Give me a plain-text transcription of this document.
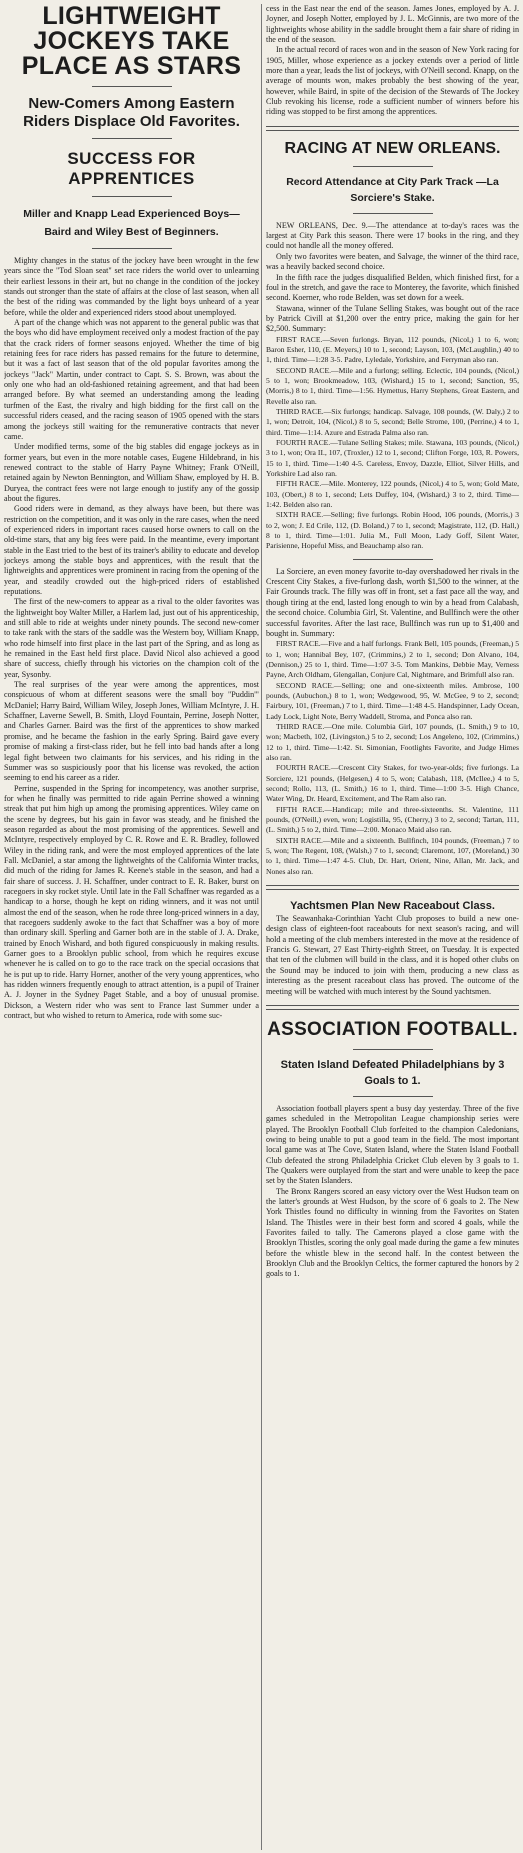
LIGHTWEIGHT JOCKEYS TAKE PLACE AS STARS
New-Comers Among Eastern Riders Displace Old Favorites.
SUCCESS FOR APPRENTICES
Miller and Knapp Lead Experienced Boys—Baird and Wiley Best of Beginners.

Mighty changes in the status of the jockey have been wrought in the few years since the "Tod Sloan seat" set race riders the world over to unlearning their earliest lessons in their art, but no change in the condition of the jockey stands out stronger than the state of affairs at the close of last season, when all the best of the riding was commanded by the light boys unheard of a year before, while the older and experienced riders stood about unemployed.

A part of the change which was not apparent to the general public was that the boys who did have employment received only a modest fraction of the pay that the crack riders of former seasons enjoyed. Whether the time of big retaining fees for race riders has passed remains for the future to determine, but it was a fact of last season that of the old popular favorites among the jockeys "Jack" Martin, under contract to Capt. S. S. Brown, was about the only one who had an old-fashioned retaining agreement, and that had been arranged before. By what seemed an understanding among the leading turfmen of the East, the rivalry and high bidding for the first call on the successful riders ceased, and the racing season of 1905 opened with the stars among the jockeys still waiting for the remunerative contracts that never came.

Under modified terms, some of the big stables did engage jockeys as in former years, but even in the more notable cases, Eugene Hildebrand, in his renewed contract to the stable of Harry Payne Whitney; Frank O'Neill, retained again by Newton Bennington, and William Shaw, employed by H. B. Duryea, the contract fees were not large enough to justify any of the gossip about the figures.

Good riders were in demand, as they always have been, but there was restriction on the competition, and it was only in the rare cases, when the need of experienced riders in important races caused horse owners to call on the old-time stars, that any big fees were paid. In the meantime, every important stable in the East tried to the best of its trainer's ability to educate and develop jockeys among the stable boys and apprentices, with the result that the lightweights and apprentices were prominent in racing from the opening of the year, and steadily crowded out the high-priced riders of established reputations.

The first of the new-comers to appear as a rival to the older favorites was the lightweight boy Walter Miller, a Harlem lad, just out of his apprenticeship, and still able to ride at weights under ninety pounds. The second new-comer to take rank with the stars of the saddle was the Western boy, William Knapp, who rode himself into first place in the last part of the Spring, and as long as he remained in the East held first place. David Nicol also achieved a good share of success, chiefly through his victories on the champion colt of the year, Sysonby.

The real surprises of the year were among the apprentices, most conspicuous of whom at different seasons were the small boy "Puddin'" McDaniel; Harry Baird, William Wiley, Joseph Jones, William McIntyre, J. H. Schaffner, Laverne Sewell, B. Smith, Lloyd Fountain, Perrine, Joseph Notter, and Charles Garner. Baird was the first of the apprentices to show marked promise, and he became the fashion in the early Spring. Baird gave every promise of making a first-class rider, but he fell into bad hands after a long legal fight between two claimants for his services, and his riding in the Summer was so suspiciously poor that his license was revoked, the action seeming to end his career as a rider.

Perrine, suspended in the Spring for incompetency, was another surprise, for when he finally was permitted to ride again Perrine showed a winning streak that put him high up among the promising apprentices. Wiley came on the scene by degrees, but his gain in favor was steady, and he finished the season regarded as about the most promising of the apprentices. Sewell and McIntyre, respectively employed by C. R. Rowe and E. R. Bradley, followed Wiley in the riding rank, and were the most employed apprentices of the late Fall. McDaniel, a star among the lightweights of the California Winter tracks, did much of the riding for James R. Keene's stable in the season, and had a fair share of success. J. H. Schaffner, under contract to E. R. Baker, burst on racegoers in sky rocket style. Until late in the Fall Schaffner was regarded as a handicap to a horse, though he kept on riding winners, and it was not until almost the end of the season, when he rode three long-priced winners in a day, that racegoers suddenly awoke to the fact that Schaffner was a boy of more than ordinary skill. Sperling and Garner both are in the stable of J. A. Drake, trained by Enoch Wishard, and both figured conspicuously in making results. Garner goes to a Brooklyn public school, from which he requires excuse whenever he is called on to go to the race track on the special occasions that he is put up to ride. Harry Horner, another of the very young apprentices, who has ridden winners frequently enough to attract attention, is a pupil of Trainer A. J. Joyner in the Sydney Paget Stable, and a boy of unusual promise. Dickson, a Western rider who was sent to France last Summer under a contract, but who wished to return to America, rode with some suc-

cess in the East near the end of the season. James Jones, employed by A. J. Joyner, and Joseph Notter, employed by J. L. McGinnis, are two more of the lightweights whose ability in the saddle brought them a fair share of riding in the end of the season.

In the actual record of races won and in the season of New York racing for 1905, Miller, whose experience as a jockey extends over a period of little more than a year, leads the list of jockeys, with O'Neill second. Knapp, on the average of mounts won, makes probably the best showing of the year, however, while Baird, in spite of the decision of the Stewards of The Jockey Club revoking his license, rode a sufficient number of winners before his riding was stopped to be first among the apprentices.

RACING AT NEW ORLEANS.
Record Attendance at City Park Track —La Sorciere's Stake.

NEW ORLEANS, Dec. 9.—The attendance at to-day's races was the largest at City Park this season. There were 17 books in the ring, and they could not handle all the money offered.

Only two favorites were beaten, and Salvage, the winner of the third race, was a heavily backed second choice.

In the fifth race the judges disqualified Belden, which finished first, for a foul in the stretch, and gave the race to Monterey, the favorite, which finished second. Koerner, who rode Belden, was set down for a week.

Stawana, winner of the Tulane Selling Stakes, was bought out of the race by Patrick Civill at $1,200 over the entry price, making the gain for her $2,500. Summary:

FIRST RACE.—Seven furlongs. Bryan, 112 pounds, (Nicol,) 1 to 6, won; Baron Esher, 110, (E. Meyers,) 10 to 1, second; Layson, 103, (McLaughlin,) 40 to 1, third. Time—1:28 3-5. Padre, Lyledale, Yorkshire, and Ferryman also ran.

SECOND RACE.—Mile and a furlong; selling. Eclectic, 104 pounds, (Nicol,) 5 to 1, won; Brookmeadow, 103, (Wishard,) 15 to 1, second; Sanction, 95, (Morris,) 8 to 1, third. Time—1:56. Hymettus, Harry Stephens, Great Eastern, and Revelle also ran.

THIRD RACE.—Six furlongs; handicap. Salvage, 108 pounds, (W. Daly,) 2 to 1, won; Detroit, 104, (Nicol,) 8 to 5, second; Belle Strome, 100, (Perrine,) 4 to 1, third. Time—1:14. Azure and Estrada Palma also ran.

FOURTH RACE.—Tulane Selling Stakes; mile. Stawana, 103 pounds, (Nicol,) 3 to 1, won; Ora II., 107, (Troxler,) 12 to 1, second; Clifton Forge, 103, R. Powers, 15 to 1, third. Time—1:40 4-5. Careless, Envoy, Dazzle, Elliot, Silver Hills, and Yorkshire Lad also ran.

FIFTH RACE.—Mile. Monterey, 122 pounds, (Nicol,) 4 to 5, won; Gold Mate, 103, (Obert,) 8 to 1, second; Lets Duffey, 104, (Wishard,) 3 to 2, third. Time—1:42. Belden also ran.

SIXTH RACE.—Selling; five furlongs. Robin Hood, 106 pounds, (Morris,) 3 to 2, won; J. Ed Crile, 112, (D. Boland,) 7 to 1, second; Magistrate, 112, (D. Hall,) 8 to 1, third. Time—1:01. Julia M., Full Moon, Lady Goff, Silent Water, Parisienne, Hopeful Miss, and Beauchamp also ran.

La Sorciere, an even money favorite to-day overshadowed her rivals in the Crescent City Stakes, a five-furlong dash, worth $1,500 to the winner, at the Fair Grounds track. The filly was off in front, set a fast pace all the way, and though tiring at the end, lasted long enough to win by a head from Calabash, the second choice. Columbia Girl, St. Valentine, and Bullfinch were the other successful favorites. After the last race, Bullfinch was run up to $1,400 and bought in. Summary:

FIRST RACE.—Five and a half furlongs. Frank Bell, 105 pounds, (Freeman,) 5 to 1, won; Hannibal Bey, 107, (Crimmins,) 2 to 1, second; Don Alvano, 104, (Dennison,) 25 to 1, third. Time—1:07 3-5. Tom Mankins, Debbie May, Verness Payne, Arch Oldham, Glengallan, Conjure Cal, Nightmare, and Brimfull also ran.

SECOND RACE.—Selling; one and one-sixteenth miles. Ambrose, 100 pounds, (Aubuchon,) 8 to 1, won; Wedgewood, 95, W. McGee, 9 to 2, second; Fairbury, 101, (Freeman,) 7 to 1, third. Time—1:48 4-5. Handspinner, Lady Ocean, Lady Lock, Light Note, Berry Waddell, Stroma, and Ponca also ran.

THIRD RACE.—One mile. Columbia Girl, 107 pounds, (L. Smith,) 9 to 10, won; Macbeth, 102, (Livingston,) 5 to 2, second; Los Angeleno, 102, (Crimmins,) 12 to 1, third. Time—1:42. St. Simonian, Footlights Favorite, and Judge Himes also ran.

FOURTH RACE.—Crescent City Stakes, for two-year-olds; five furlongs. La Sorciere, 121 pounds, (Helgesen,) 4 to 5, won; Calabash, 118, (McIlee,) 4 to 5, second; Rollo, 113, (L. Smith,) 16 to 1, third. Time—1:00 3-5. High Chance, Water Wing, Dr. Heard, Excitement, and The Ram also ran.

FIFTH RACE.—Handicap; mile and three-sixteenths. St. Valentine, 111 pounds, (O'Neill,) even, won; Logistilla, 95, (Cherry,) 3 to 2, second; Tartan, 111, (L. Smith,) 5 to 2, third. Time—2:00. Monaco Maid also ran.

SIXTH RACE.—Mile and a sixteenth. Bullfinch, 104 pounds, (Freeman,) 7 to 5, won; The Regent, 108, (Walsh,) 7 to 1, second; Claremont, 107, (Moreland,) 30 to 1, third. Time—1:47 4-5. Club, Dr. Hart, Orient, Nine, Allan, Mr. Jack, and Nones also ran.

Yachtsmen Plan New Raceabout Class.

The Seawanhaka-Corinthian Yacht Club proposes to build a new one-design class of eighteen-foot raceabouts for next season's racing, and will hold a meeting of the club members interested in the move at the residence of Francis G. Stewart, 27 East Thirty-eighth Street, on Tuesday. It is expected that ten of the clubmen will build in the class, and it is hoped other clubs on the Sound may be induced to join with them, producing a new class as interesting as the present raceabout class has proved. The outcome of the meeting will be watched with much interest by the Sound yachtsmen.

ASSOCIATION FOOTBALL.
Staten Island Defeated Philadelphians by 3 Goals to 1.

Association football players spent a busy day yesterday. Three of the five games scheduled in the Metropolitan League championship series were played. The Brooklyn Football Club forfeited to the champion Caledonians, owing to being unable to put a good team in the field. The most important local game was at The Cove, Staten Island, where the Staten Island Football Club defeated the strong Philadelphia Cricket Club eleven by 3 goals to 1. The Quakers were outplayed from the start and were unable to keep the pace set by the Staten Islanders.

The Bronx Rangers scored an easy victory over the West Hudson team on the latter's grounds at West Hudson, by the score of 6 goals to 2. The New York Thistles found no difficulty in winning from the Favorites on Staten Island. The Thistles were in their best form and scored 4 goals, while the Favorites failed to tally. The Camerons played a close game with the Brooklyn Thistles, scoring the only goal made during the game a few minutes before the whistle blew in the second half. In the contest between the Brooklyn Club and the Brooklyn Celtics, the former captured the honors by 2 goals to 1.
